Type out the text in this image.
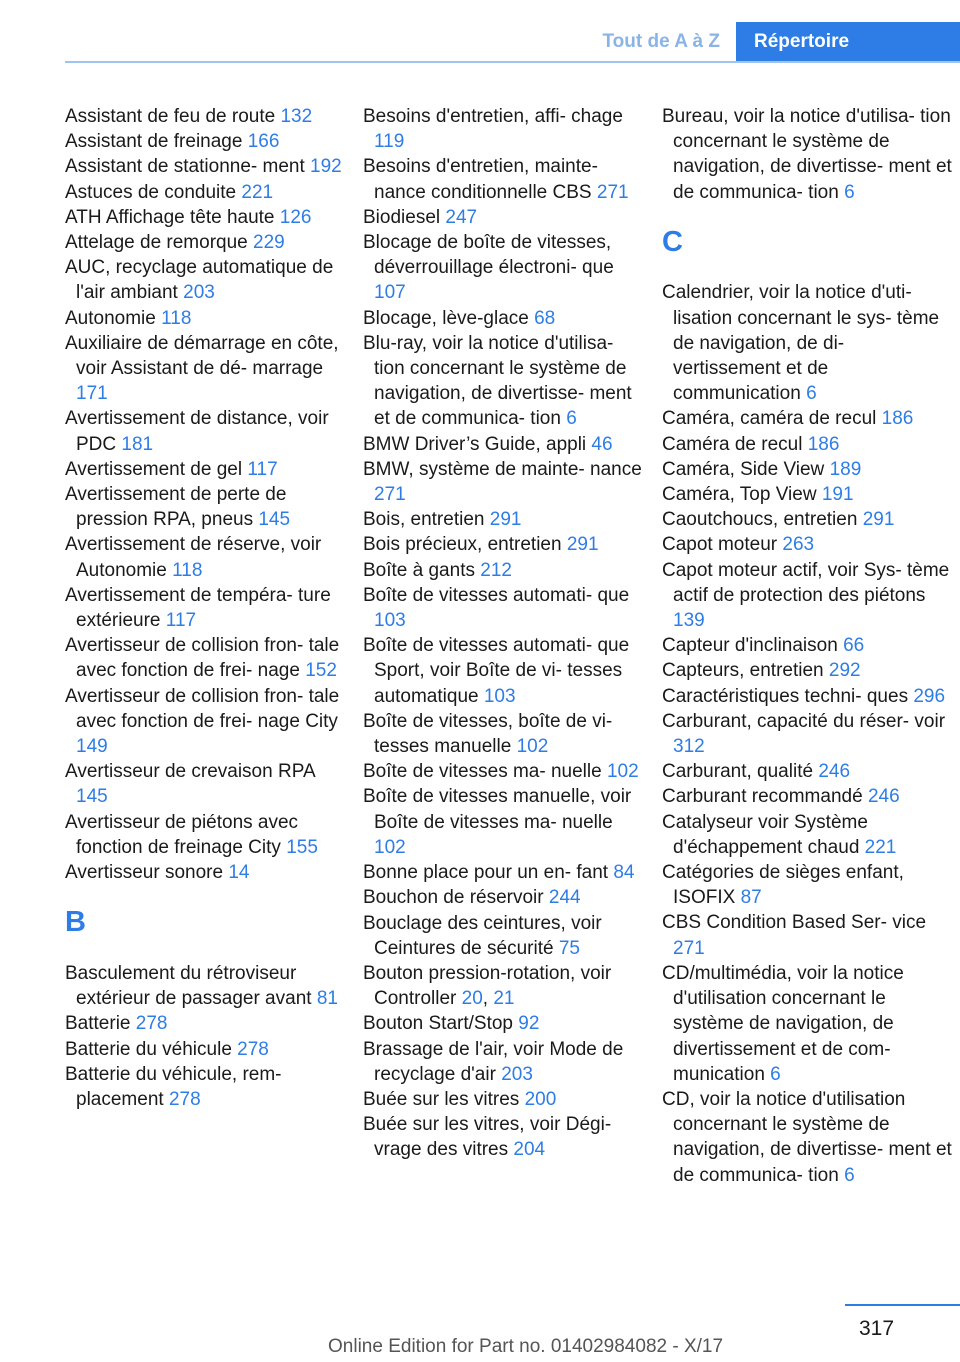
Tout de A à Z	Répertoire
Assistant de feu de route 132
Assistant de freinage 166
Assistant de stationne‐ ment 192
Astuces de conduite 221
ATH Affichage tête haute 126
Attelage de remorque 229
AUC, recyclage automatique de l'air ambiant 203
Autonomie 118
Auxiliaire de démarrage en côte, voir Assistant de dé‐ marrage 171
Avertissement de distance, voir PDC 181
Avertissement de gel 117
Avertissement de perte de pression RPA, pneus 145
Avertissement de réserve, voir Autonomie 118
Avertissement de tempéra‐ ture extérieure 117
Avertisseur de collision fron‐ tale avec fonction de frei‐ nage 152
Avertisseur de collision fron‐ tale avec fonction de frei‐ nage City 149
Avertisseur de crevaison RPA 145
Avertisseur de piétons avec fonction de freinage City 155
Avertisseur sonore 14
B
Basculement du rétroviseur extérieur de passager avant 81
Batterie 278
Batterie du véhicule 278
Batterie du véhicule, rem‐ placement 278
Besoins d'entretien, affi‐ chage 119
Besoins d'entretien, mainte‐ nance conditionnelle CBS 271
Biodiesel 247
Blocage de boîte de vitesses, déverrouillage électroni‐ que 107
Blocage, lève-glace 68
Blu-ray, voir la notice d'utilisa‐ tion concernant le système de navigation, de divertisse‐ ment et de communica‐ tion 6
BMW Driver’s Guide, appli 46
BMW, système de mainte‐ nance 271
Bois, entretien 291
Bois précieux, entretien 291
Boîte à gants 212
Boîte de vitesses automati‐ que 103
Boîte de vitesses automati‐ que Sport, voir Boîte de vi‐ tesses automatique 103
Boîte de vitesses, boîte de vi‐ tesses manuelle 102
Boîte de vitesses ma‐ nuelle 102
Boîte de vitesses manuelle, voir Boîte de vitesses ma‐ nuelle 102
Bonne place pour un en‐ fant 84
Bouchon de réservoir 244
Bouclage des ceintures, voir Ceintures de sécurité 75
Bouton pression-rotation, voir Controller 20, 21
Bouton Start/Stop 92
Brassage de l'air, voir Mode de recyclage d'air 203
Buée sur les vitres 200
Buée sur les vitres, voir Dégi‐ vrage des vitres 204
Bureau, voir la notice d'utilisa‐ tion concernant le système de navigation, de divertisse‐ ment et de communica‐ tion 6
C
Calendrier, voir la notice d'uti‐ lisation concernant le sys‐ tème de navigation, de di‐ vertissement et de communication 6
Caméra, caméra de recul 186
Caméra de recul 186
Caméra, Side View 189
Caméra, Top View 191
Caoutchoucs, entretien 291
Capot moteur 263
Capot moteur actif, voir Sys‐ tème actif de protection des piétons 139
Capteur d'inclinaison 66
Capteurs, entretien 292
Caractéristiques techni‐ ques 296
Carburant, capacité du réser‐ voir 312
Carburant, qualité 246
Carburant recommandé 246
Catalyseur voir Système d'échappement chaud 221
Catégories de sièges enfant, ISOFIX 87
CBS Condition Based Ser‐ vice 271
CD/multimédia, voir la notice d'utilisation concernant le système de navigation, de divertissement et de com‐ munication 6
CD, voir la notice d'utilisation concernant le système de navigation, de divertisse‐ ment et de communica‐ tion 6
317
Online Edition for Part no. 01402984082 - X/17
